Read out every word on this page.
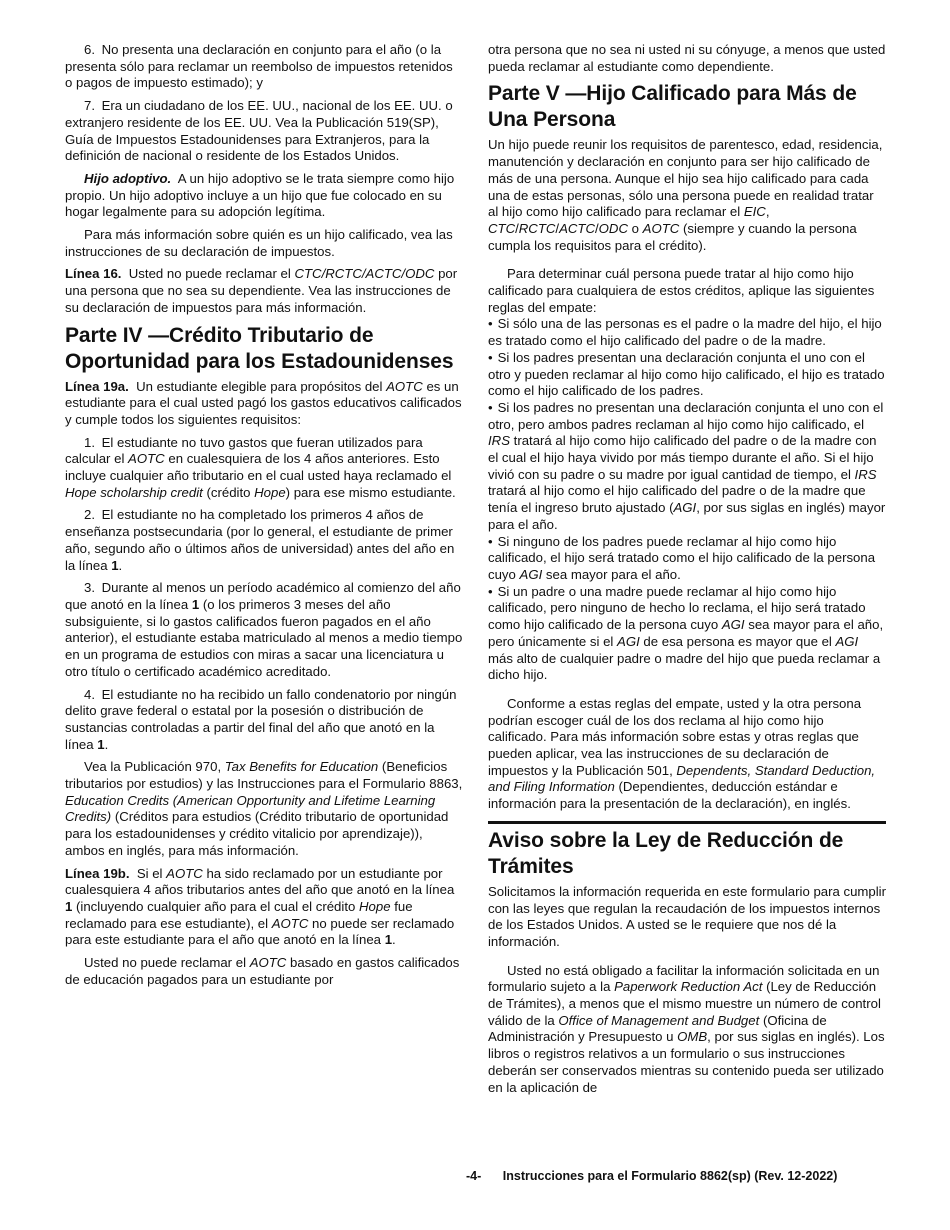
6. No presenta una declaración en conjunto para el año (o la presenta sólo para reclamar un reembolso de impuestos retenidos o pagos de impuesto estimado); y

7. Era un ciudadano de los EE. UU., nacional de los EE. UU. o extranjero residente de los EE. UU. Vea la Publicación 519(SP), Guía de Impuestos Estadounidenses para Extranjeros, para la definición de nacional o residente de los Estados Unidos.

Hijo adoptivo. A un hijo adoptivo se le trata siempre como hijo propio. Un hijo adoptivo incluye a un hijo que fue colocado en su hogar legalmente para su adopción legítima.

Para más información sobre quién es un hijo calificado, vea las instrucciones de su declaración de impuestos.

Línea 16. Usted no puede reclamar el CTC/RCTC/ACTC/ODC por una persona que no sea su dependiente. Vea las instrucciones de su declaración de impuestos para más información.

Parte IV —Crédito Tributario de Oportunidad para los Estadounidenses

Línea 19a. Un estudiante elegible para propósitos del AOTC es un estudiante para el cual usted pagó los gastos educativos calificados y cumple todos los siguientes requisitos:

1. El estudiante no tuvo gastos que fueran utilizados para calcular el AOTC en cualesquiera de los 4 años anteriores. Esto incluye cualquier año tributario en el cual usted haya reclamado el Hope scholarship credit (crédito Hope) para ese mismo estudiante.

2. El estudiante no ha completado los primeros 4 años de enseñanza postsecundaria (por lo general, el estudiante de primer año, segundo año o últimos años de universidad) antes del año en la línea 1.

3. Durante al menos un período académico al comienzo del año que anotó en la línea 1 (o los primeros 3 meses del año subsiguiente, si lo gastos calificados fueron pagados en el año anterior), el estudiante estaba matriculado al menos a medio tiempo en un programa de estudios con miras a sacar una licenciatura u otro título o certificado académico acreditado.

4. El estudiante no ha recibido un fallo condenatorio por ningún delito grave federal o estatal por la posesión o distribución de sustancias controladas a partir del final del año que anotó en la línea 1.

Vea la Publicación 970, Tax Benefits for Education (Beneficios tributarios por estudios) y las Instrucciones para el Formulario 8863, Education Credits (American Opportunity and Lifetime Learning Credits) (Créditos para estudios (Crédito tributario de oportunidad para los estadounidenses y crédito vitalicio por aprendizaje)), ambos en inglés, para más información.

Línea 19b. Si el AOTC ha sido reclamado por un estudiante por cualesquiera 4 años tributarios antes del año que anotó en la línea 1 (incluyendo cualquier año para el cual el crédito Hope fue reclamado para ese estudiante), el AOTC no puede ser reclamado para este estudiante para el año que anotó en la línea 1.

Usted no puede reclamar el AOTC basado en gastos calificados de educación pagados para un estudiante por

otra persona que no sea ni usted ni su cónyuge, a menos que usted pueda reclamar al estudiante como dependiente.

Parte V —Hijo Calificado para Más de Una Persona

Un hijo puede reunir los requisitos de parentesco, edad, residencia, manutención y declaración en conjunto para ser hijo calificado de más de una persona. Aunque el hijo sea hijo calificado para cada una de estas personas, sólo una persona puede en realidad tratar al hijo como hijo calificado para reclamar el EIC, CTC/RCTC/ACTC/ODC o AOTC (siempre y cuando la persona cumpla los requisitos para el crédito).

Para determinar cuál persona puede tratar al hijo como hijo calificado para cualquiera de estos créditos, aplique las siguientes reglas del empate:

• Si sólo una de las personas es el padre o la madre del hijo, el hijo es tratado como el hijo calificado del padre o de la madre.
• Si los padres presentan una declaración conjunta el uno con el otro y pueden reclamar al hijo como hijo calificado, el hijo es tratado como el hijo calificado de los padres.
• Si los padres no presentan una declaración conjunta el uno con el otro, pero ambos padres reclaman al hijo como hijo calificado, el IRS tratará al hijo como hijo calificado del padre o de la madre con el cual el hijo haya vivido por más tiempo durante el año. Si el hijo vivió con su padre o su madre por igual cantidad de tiempo, el IRS tratará al hijo como el hijo calificado del padre o de la madre que tenía el ingreso bruto ajustado (AGI, por sus siglas en inglés) mayor para el año.
• Si ninguno de los padres puede reclamar al hijo como hijo calificado, el hijo será tratado como el hijo calificado de la persona cuyo AGI sea mayor para el año.
• Si un padre o una madre puede reclamar al hijo como hijo calificado, pero ninguno de hecho lo reclama, el hijo será tratado como hijo calificado de la persona cuyo AGI sea mayor para el año, pero únicamente si el AGI de esa persona es mayor que el AGI más alto de cualquier padre o madre del hijo que pueda reclamar a dicho hijo.

Conforme a estas reglas del empate, usted y la otra persona podrían escoger cuál de los dos reclama al hijo como hijo calificado. Para más información sobre estas y otras reglas que pueden aplicar, vea las instrucciones de su declaración de impuestos y la Publicación 501, Dependents, Standard Deduction, and Filing Information (Dependientes, deducción estándar e información para la presentación de la declaración), en inglés.

Aviso sobre la Ley de Reducción de Trámites

Solicitamos la información requerida en este formulario para cumplir con las leyes que regulan la recaudación de los impuestos internos de los Estados Unidos. A usted se le requiere que nos dé la información.

Usted no está obligado a facilitar la información solicitada en un formulario sujeto a la Paperwork Reduction Act (Ley de Reducción de Trámites), a menos que el mismo muestre un número de control válido de la Office of Management and Budget (Oficina de Administración y Presupuesto u OMB, por sus siglas en inglés). Los libros o registros relativos a un formulario o sus instrucciones deberán ser conservados mientras su contenido pueda ser utilizado en la aplicación de

-4- Instrucciones para el Formulario 8862(sp) (Rev. 12-2022)
